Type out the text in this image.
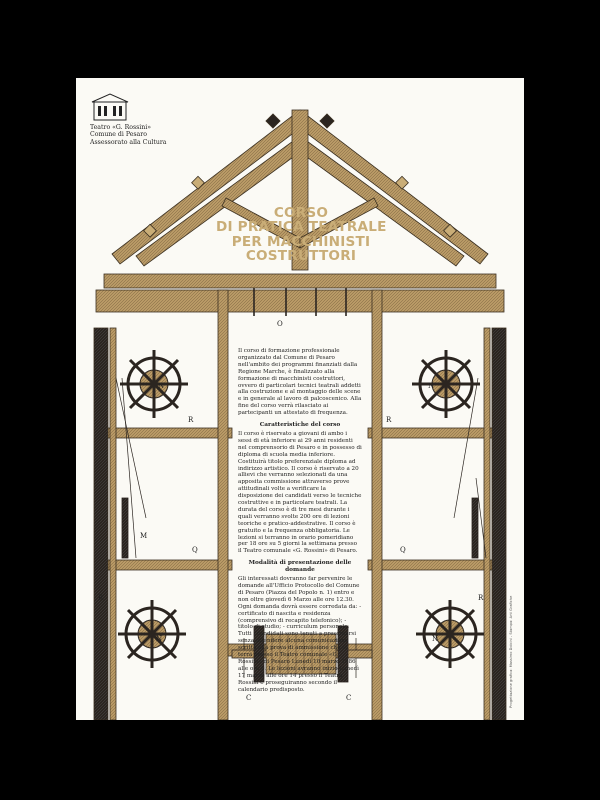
O
N	N
N	N
R	R
R	R
M
Q	Q
C	C
Teatro «G. Rossini»
Comune di Pesaro
Assessorato alla Cultura
CORSO
DI PRATICA TEATRALE
PER MACCHINISTI
COSTRUTTORI

Il corso di formazione professionale organizzato dal Comune di Pesaro nell'ambito dei programmi finanziati dalla Regione Marche, è finalizzato alla formazione di macchinisti costruttori, ovvero di particolari tecnici teatrali addetti alla costruzione e al montaggio delle scene e in generale al lavoro di palcoscenico. Alla fine del corso verrà rilasciato ai partecipanti un attestato di frequenza.

Caratteristiche del corso

Il corso è riservato a giovani di ambo i sessi di età inferiore ai 29 anni residenti nel comprensorio di Pesaro e in possesso di diploma di scuola media inferiore. Costituirà titolo preferenziale diploma ad indirizzo artistico. Il corso è riservato a 20 allievi che verranno selezionati da una apposita commissione attraverso prove attitudinali volte a verificare la disposizione dei candidati verso le tecniche costruttive e in particolare teatrali. La durata del corso è di tre mesi durante i quali verranno svolte 200 ore di lezioni teoriche e pratico-addestrative. Il corso è gratuito e la frequenza obbligatoria. Le lezioni si terranno in orario pomeridiano per 18 ore su 5 giorni la settimana presso il Teatro comunale «G. Rossini» di Pesaro.

Modalità di presentazione delle domande

Gli interessati dovranno far pervenire le domande all'Ufficio Protocollo del Comune di Pesaro (Piazza del Popolo n. 1) entro e non oltre giovedì 6 Marzo alle ore 12.30. Ogni domanda dovrà essere corredata da: - certificato di nascita e residenza (comprensivo di recapito telefonico); - titolo di studio; - curriculum personale. Tutti i candidati sono tenuti a presentarsi senza attendere alcuna comunicazione scritta alla prova di ammissione che si terrà presso il Teatro comunale «G. Rossini» di Pesaro Lunedì 10 marzo 1986 alle ore 9. Le lezioni avranno inizio Lunedì 17 marzo alle ore 14 presso il Teatro Rossini e proseguiranno secondo il calendario predisposto.	Progettazione grafica: Massimo Dolcini - Stampa: Arti Grafiche
